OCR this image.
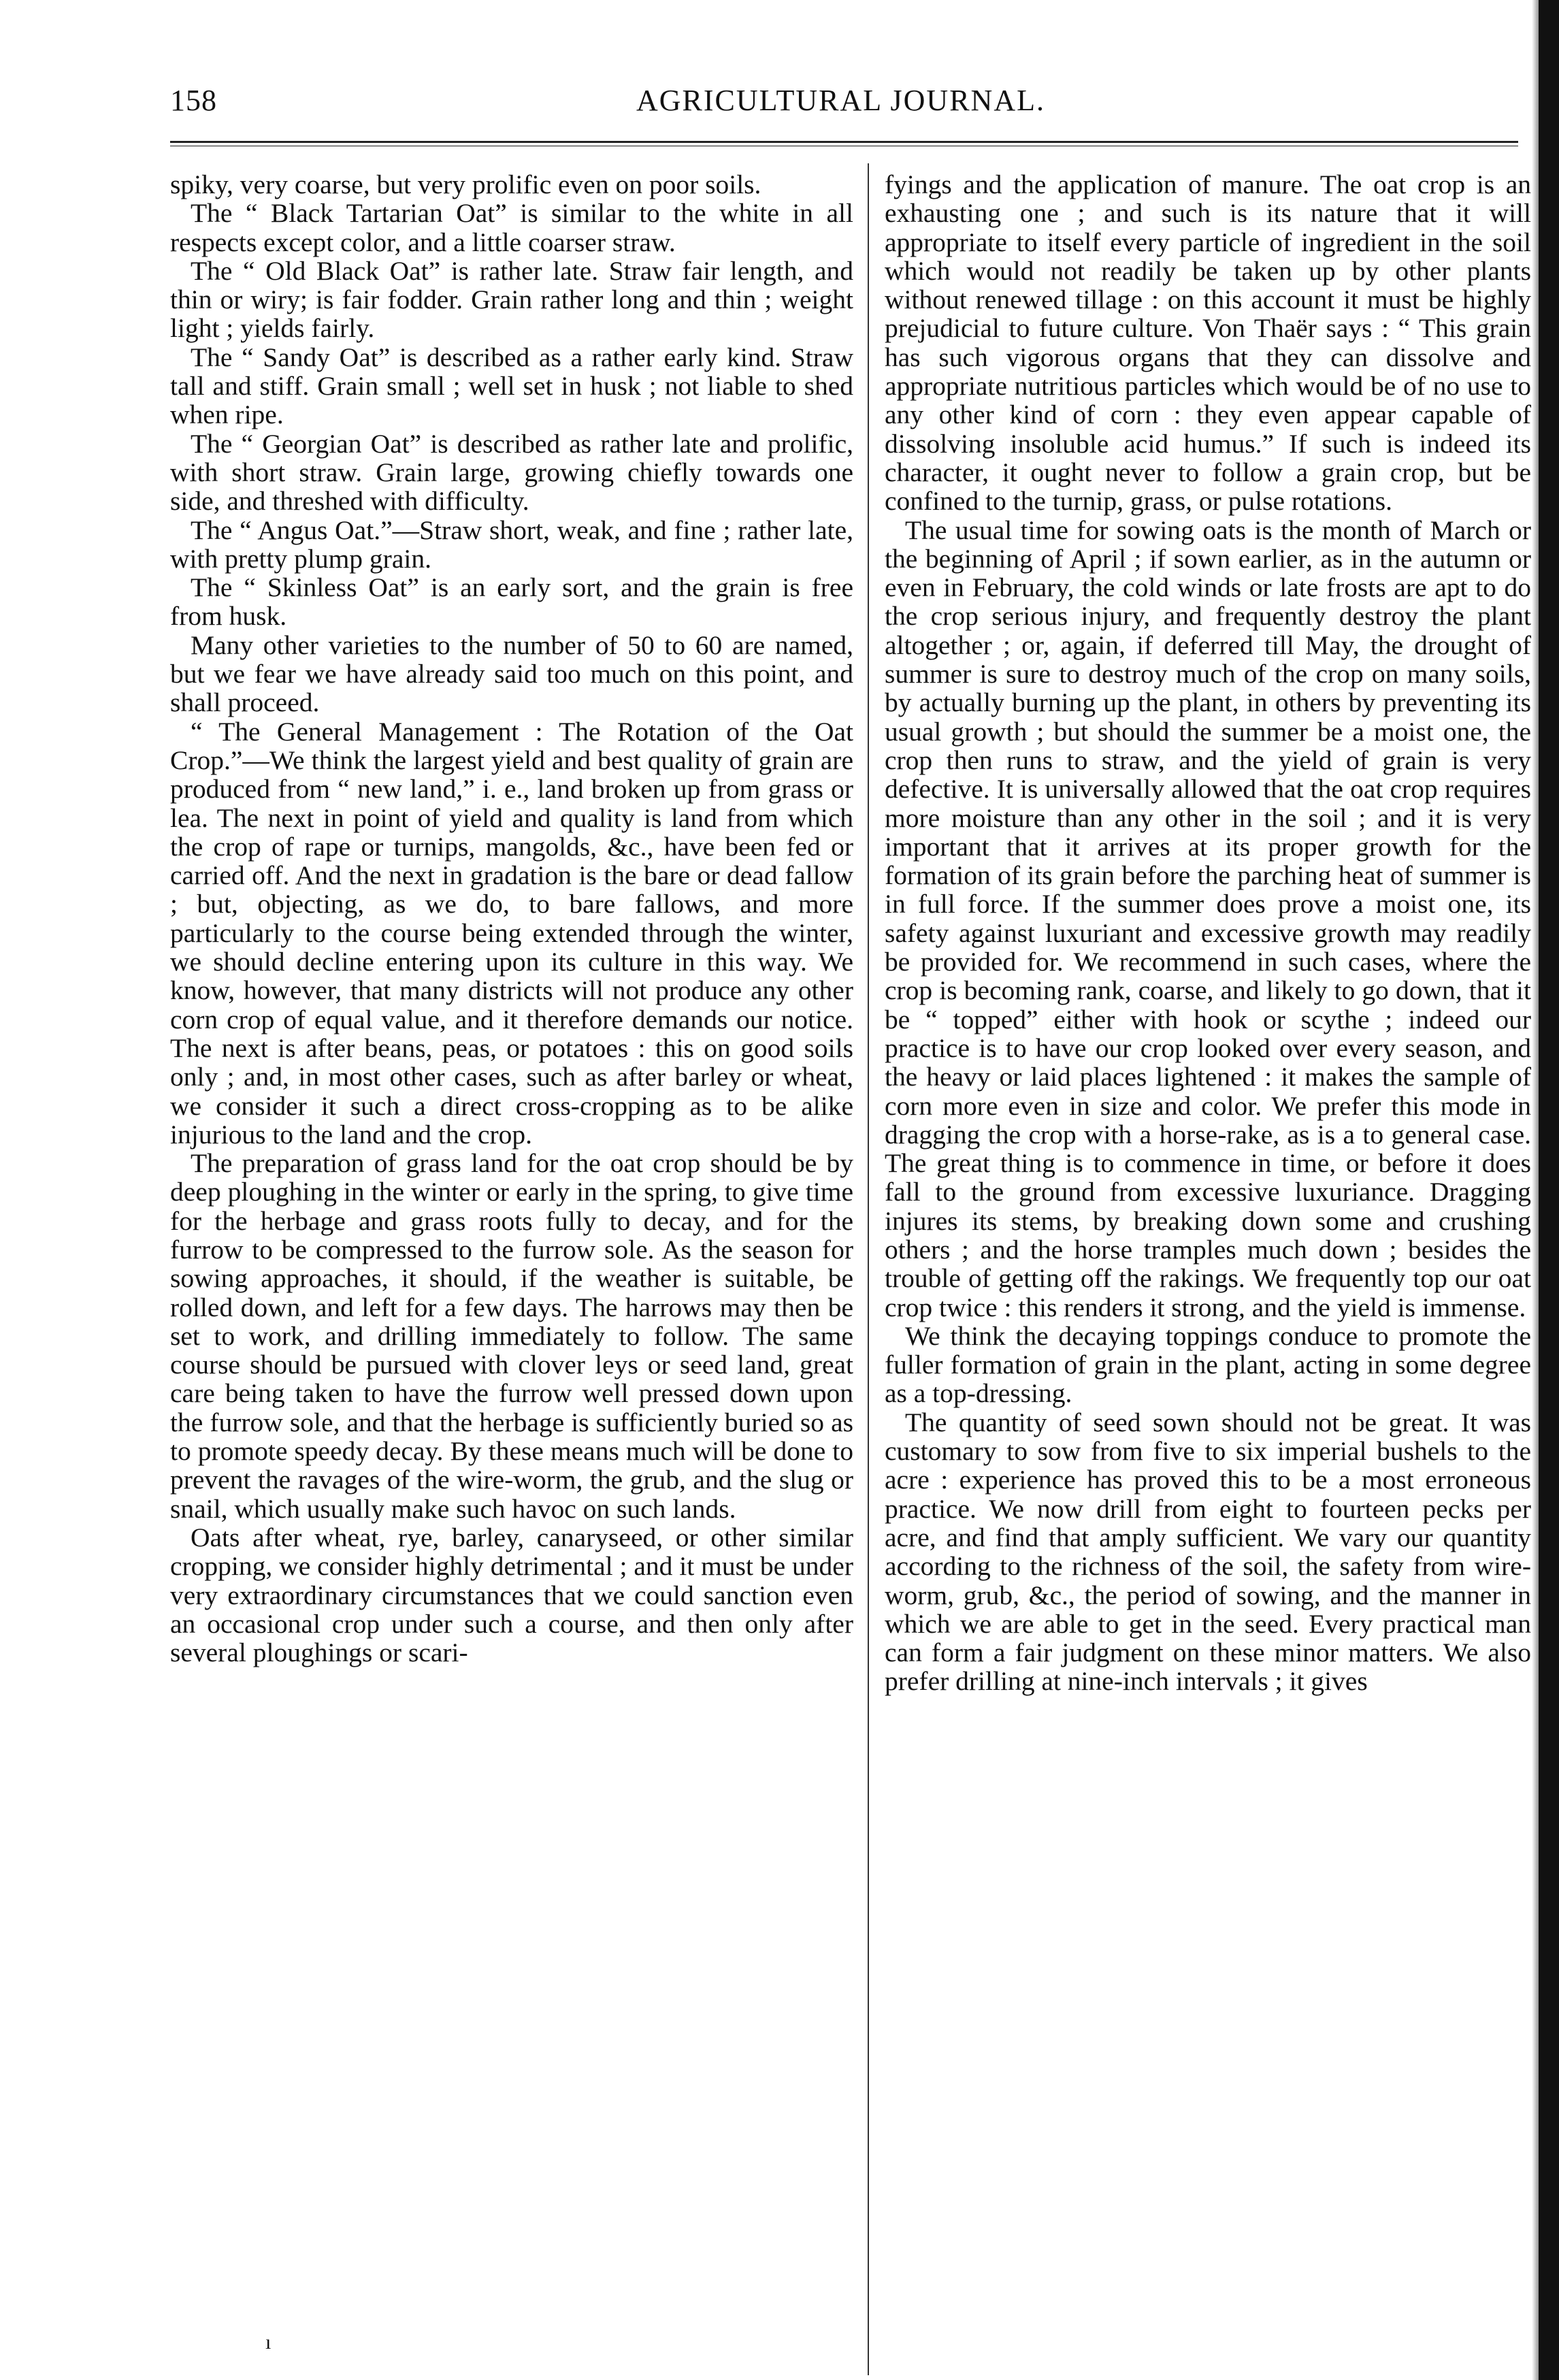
158	AGRICULTURAL JOURNAL.

spiky, very coarse, but very prolific even on poor soils.

The “ Black Tartarian Oat” is similar to the white in all respects except color, and a little coarser straw.

The “ Old Black Oat” is rather late. Straw fair length, and thin or wiry; is fair fodder. Grain rather long and thin ; weight light ; yields fairly.

The “ Sandy Oat” is described as a rather early kind. Straw tall and stiff. Grain small ; well set in husk ; not liable to shed when ripe.

The “ Georgian Oat” is described as rather late and prolific, with short straw. Grain large, growing chiefly towards one side, and threshed with difficulty.

The “ Angus Oat.”—Straw short, weak, and fine ; rather late, with pretty plump grain.

The “ Skinless Oat” is an early sort, and the grain is free from husk.

Many other varieties to the number of 50 to 60 are named, but we fear we have already said too much on this point, and shall proceed.

“ The General Management : The Rotation of the Oat Crop.”—We think the largest yield and best quality of grain are produced from “ new land,” i. e., land broken up from grass or lea. The next in point of yield and quality is land from which the crop of rape or turnips, mangolds, &c., have been fed or carried off. And the next in gradation is the bare or dead fallow ; but, objecting, as we do, to bare fallows, and more particularly to the course being extended through the winter, we should decline entering upon its culture in this way. We know, however, that many districts will not produce any other corn crop of equal value, and it therefore demands our notice. The next is after beans, peas, or potatoes : this on good soils only ; and, in most other cases, such as after barley or wheat, we consider it such a direct cross-cropping as to be alike injurious to the land and the crop.

The preparation of grass land for the oat crop should be by deep ploughing in the winter or early in the spring, to give time for the herbage and grass roots fully to decay, and for the furrow to be compressed to the furrow sole. As the season for sowing approaches, it should, if the weather is suitable, be rolled down, and left for a few days. The harrows may then be set to work, and drilling immediately to follow. The same course should be pursued with clover leys or seed land, great care being taken to have the furrow well pressed down upon the furrow sole, and that the herbage is sufficiently buried so as to promote speedy decay. By these means much will be done to prevent the ravages of the wire-worm, the grub, and the slug or snail, which usually make such havoc on such lands.

Oats after wheat, rye, barley, canaryseed, or other similar cropping, we consider highly detrimental ; and it must be under very extraordinary circumstances that we could sanction even an occasional crop under such a course, and then only after several ploughings or scari-

fyings and the application of manure. The oat crop is an exhausting one ; and such is its nature that it will appropriate to itself every particle of ingredient in the soil which would not readily be taken up by other plants without renewed tillage : on this account it must be highly prejudicial to future culture. Von Thaër says : “ This grain has such vigorous organs that they can dissolve and appropriate nutritious particles which would be of no use to any other kind of corn : they even appear capable of dissolving insoluble acid humus.” If such is indeed its character, it ought never to follow a grain crop, but be confined to the turnip, grass, or pulse rotations.

The usual time for sowing oats is the month of March or the beginning of April ; if sown earlier, as in the autumn or even in February, the cold winds or late frosts are apt to do the crop serious injury, and frequently destroy the plant altogether ; or, again, if deferred till May, the drought of summer is sure to destroy much of the crop on many soils, by actually burning up the plant, in others by preventing its usual growth ; but should the summer be a moist one, the crop then runs to straw, and the yield of grain is very defective. It is universally allowed that the oat crop requires more moisture than any other in the soil ; and it is very important that it arrives at its proper growth for the formation of its grain before the parching heat of summer is in full force. If the summer does prove a moist one, its safety against luxuriant and excessive growth may readily be provided for. We recommend in such cases, where the crop is becoming rank, coarse, and likely to go down, that it be “ topped” either with hook or scythe ; indeed our practice is to have our crop looked over every season, and the heavy or laid places lightened : it makes the sample of corn more even in size and color. We prefer this mode in dragging the crop with a horse-rake, as is a to general case. The great thing is to commence in time, or before it does fall to the ground from excessive luxuriance. Dragging injures its stems, by breaking down some and crushing others ; and the horse tramples much down ; besides the trouble of getting off the rakings. We frequently top our oat crop twice : this renders it strong, and the yield is immense.

We think the decaying toppings conduce to promote the fuller formation of grain in the plant, acting in some degree as a top-dressing.

The quantity of seed sown should not be great. It was customary to sow from five to six imperial bushels to the acre : experience has proved this to be a most erroneous practice. We now drill from eight to fourteen pecks per acre, and find that amply sufficient. We vary our quantity according to the richness of the soil, the safety from wire-worm, grub, &c., the period of sowing, and the manner in which we are able to get in the seed. Every practical man can form a fair judgment on these minor matters. We also prefer drilling at nine-inch intervals ; it gives

ı
